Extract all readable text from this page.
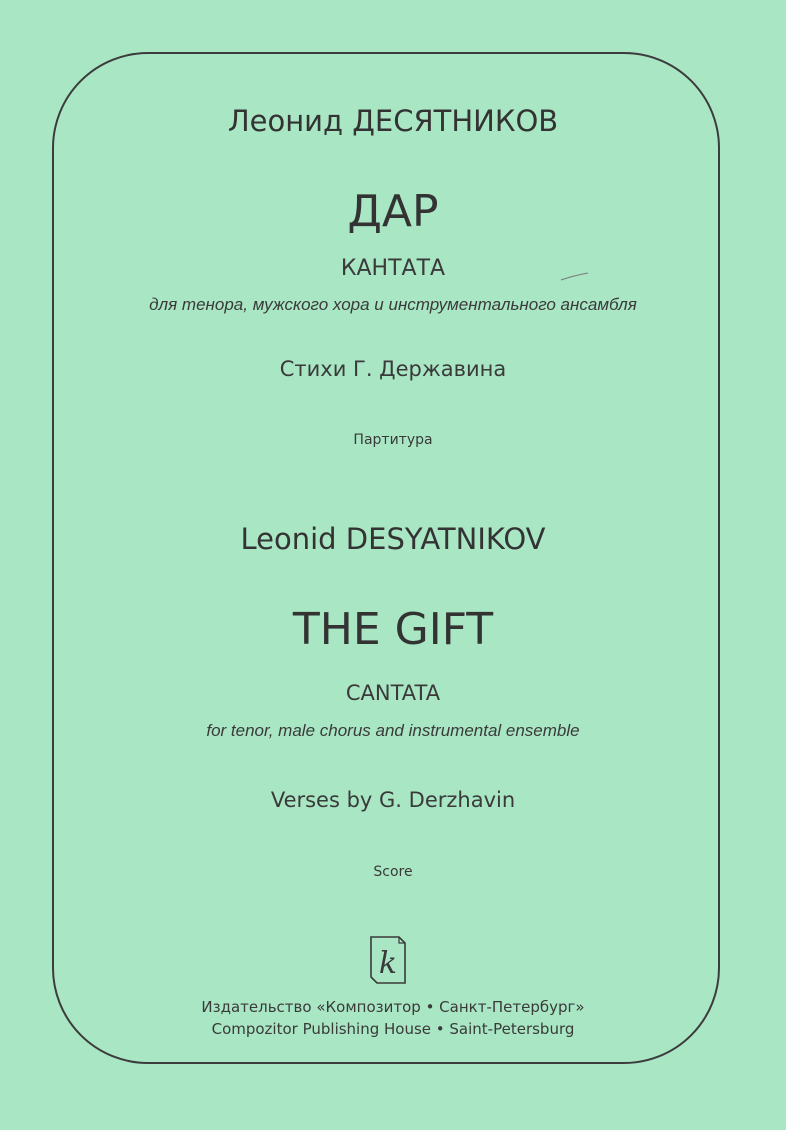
Леонид ДЕСЯТНИКОВ

ДАР

КАНТАТА

для тенора, мужского хора и инструментального ансамбля

Стихи Г. Державина

Партитура

Leonid DESYATNIKOV

THE GIFT

CANTATA

for tenor, male chorus and instrumental ensemble

Verses by G. Derzhavin

Score

k

Издательство «Композитор • Санкт-Петербург»

Compozitor Publishing House • Saint-Petersburg
